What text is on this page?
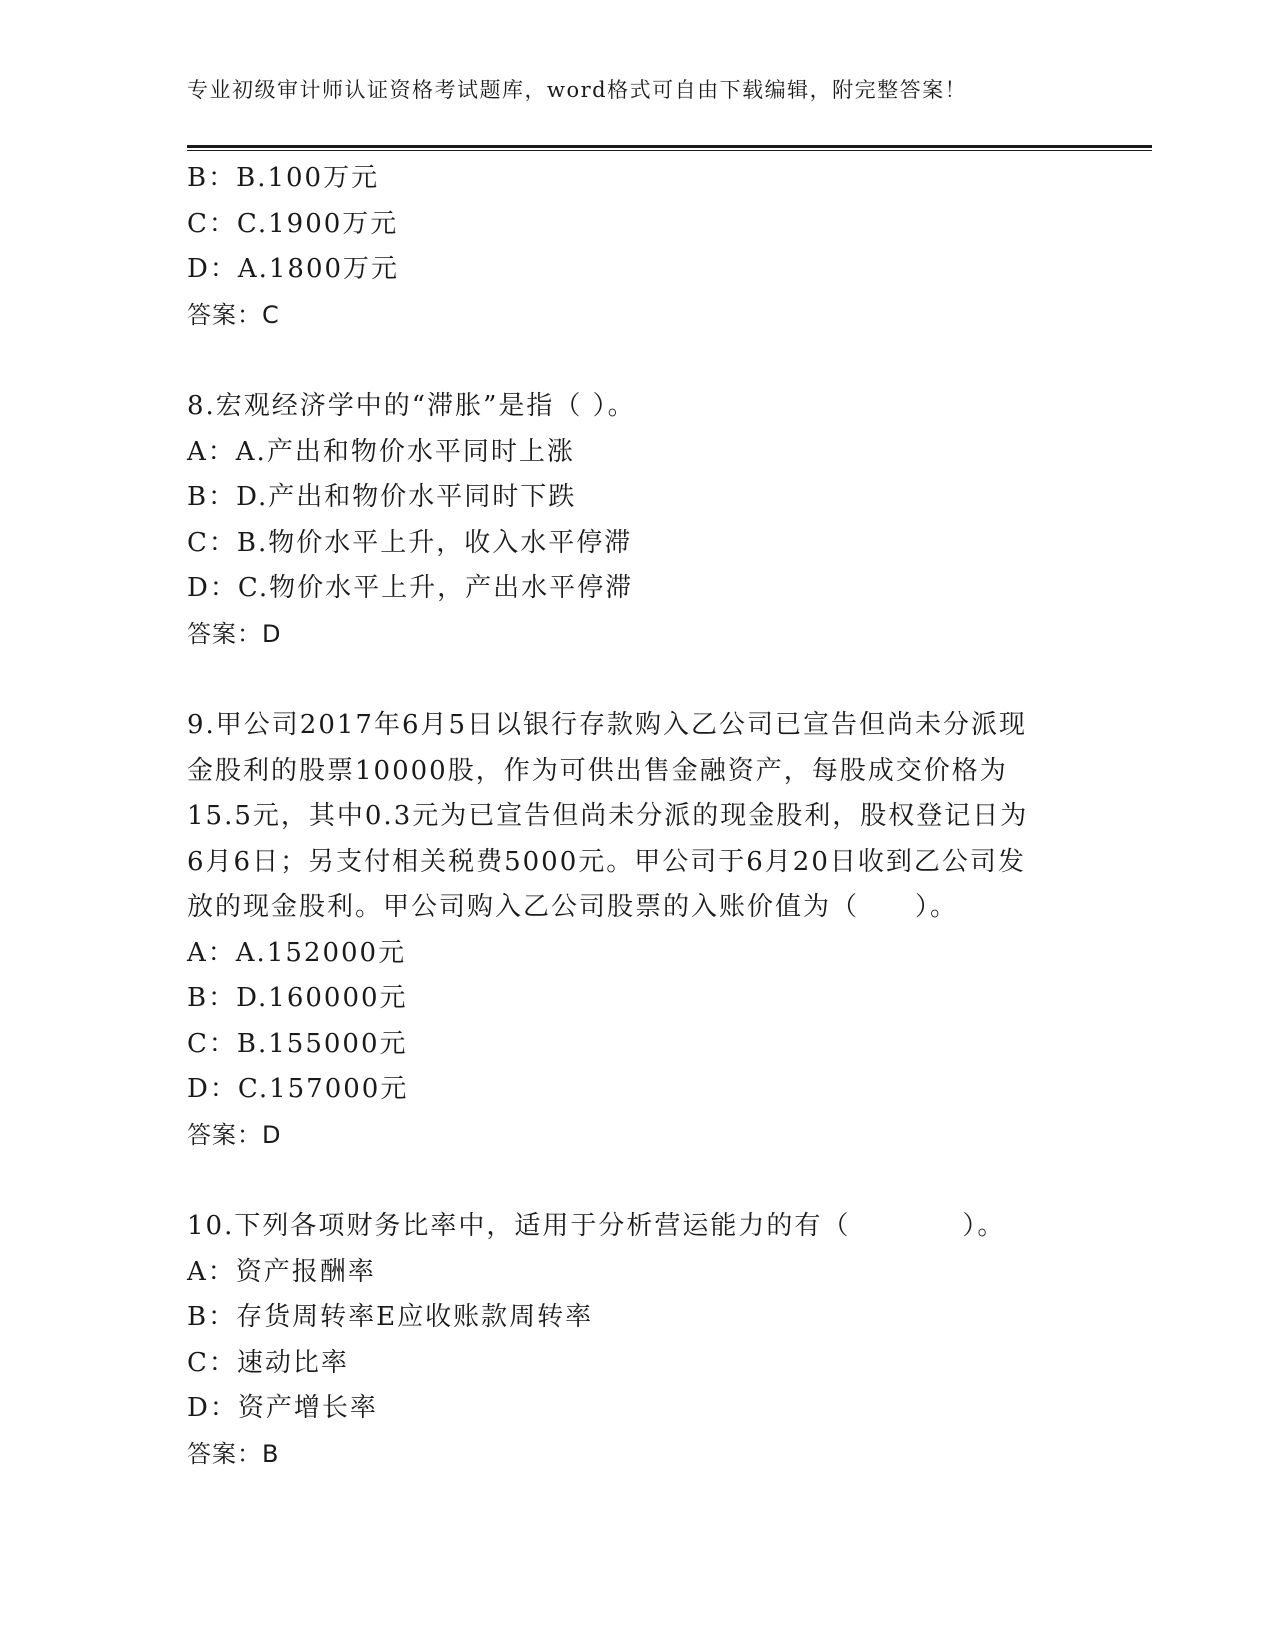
专业初级审计师认证资格考试题库，word格式可自由下载编辑，附完整答案！
B：B.100万元
C：C.1900万元
D：A.1800万元
答案：C
8.宏观经济学中的“滞胀”是指（ ）。
A：A.产出和物价水平同时上涨
B：D.产出和物价水平同时下跌
C：B.物价水平上升，收入水平停滞
D：C.物价水平上升，产出水平停滞
答案：D
9.甲公司2017年6月5日以银行存款购入乙公司已宣告但尚未分派现
金股利的股票10000股，作为可供出售金融资产，每股成交价格为
15.5元，其中0.3元为已宣告但尚未分派的现金股利，股权登记日为
6月6日；另支付相关税费5000元。甲公司于6月20日收到乙公司发
放的现金股利。甲公司购入乙公司股票的入账价值为（　　）。
A：A.152000元
B：D.160000元
C：B.155000元
D：C.157000元
答案：D
10.下列各项财务比率中，适用于分析营运能力的有（　　　　）。
A：资产报酬率
B：存货周转率E应收账款周转率
C：速动比率
D：资产增长率
答案：B
